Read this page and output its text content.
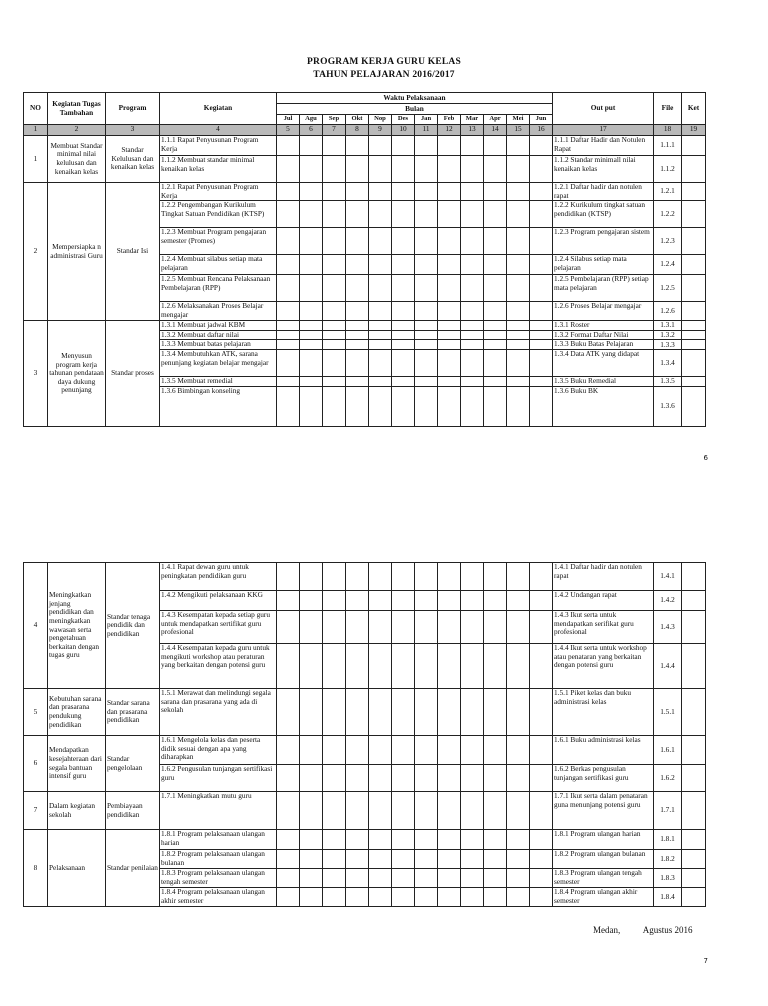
PROGRAM KERJA GURU KELAS
TAHUN PELAJARAN 2016/2017
NO	Kegiatan Tugas Tambahan	Program	Kegiatan	Waktu Pelaksanaan												Out put	File	Ket
				Bulan														
				Jul	Agu	Sep	Okt	Nop	Des	Jan	Feb	Mar	Apr	Mei	Jun			
1	2	3	4	5	6	7	8	9	10	11	12	13	14	15	16	17	18	19
1	Membuat Standar minimal nilai kelulusan dan kenaikan kelas	Standar Kelulusan dan kenaikan kelas	1.1.1 Rapat Penyusunan Program Kerja													1.1.1 Daftar Hadir dan Notulen Rapat	1.1.1	
			1.1.2 Membuat standar minimal kenaikan kelas													1.1.2 Standar minimall nilai kenaikan kelas	1.1.2	
2	Mempersiapka n administrasi Guru	Standar Isi	1.2.1 Rapat Penyusunan Program Kerja													1.2.1 Daftar hadir dan notulen rapat	1.2.1	
			1.2.2 Pengembangan Kurikulum Tingkat Satuan Pendidikan (KTSP)													1.2.2 Kurikulum tingkat satuan pendidikan (KTSP)	1.2.2	
			1.2.3 Membuat Program pengajaran semester (Promes)													1.2.3 Program pengajaran sistem	1.2.3	
			1.2.4 Membuat silabus setiap mata pelajaran													1.2.4 Silabus setiap mata pelajaran	1.2.4	
			1.2.5 Membuat Rencana Pelaksanaan Pembelajaran (RPP)													1.2.5 Pembelajaran (RPP) setiap mata pelajaran	1.2.5	
			1.2.6 Melaksanakan Proses Belajar mengajar													1.2.6 Proses Belajar mengajar	1.2.6	
3	Menyusun program kerja tahunan pendataan daya dukung penunjang	Standar proses	1.3.1 Membuat jadwal KBM													1.3.1 Roster	1.3.1	
			1.3.2 Membuat daftar nilai													1.3.2 Format Daftar Nilai	1.3.2	
			1.3.3 Membuat batas pelajaran													1.3.3 Buku Batas Pelajaran	1.3.3	
			1.3.4 Membutuhkan ATK, sarana penunjang kegiatan belajar mengajar													1.3.4 Data ATK yang didapat	1.3.4	
			1.3.5 Membuat remedial													1.3.5 Buku Remedial	1.3.5	
			1.3.6 Bimbingan konseling													1.3.6 Buku BK	1.3.6	
6
4	Meningkatkan jenjang pendidikan dan meningkatkan wawasan serta pengetahuan berkaitan dengan tugas guru	Standar tenaga pendidik dan pendidikan	1.4.1 Rapat dewan guru untuk peningkatan pendidikan guru													1.4.1 Daftar hadir dan notulen rapat	1.4.1	
			1.4.2 Mengikuti pelaksanaan KKG													1.4.2 Undangan rapat	1.4.2	
			1.4.3 Kesempatan kepada setiap guru untuk mendapatkan sertifikat guru profesional													1.4.3 Ikut serta untuk mendapatkan serifikat guru profesional	1.4.3	
			1.4.4 Kesempatan kepada guru untuk mengikuti workshop atau peraturan yang berkaitan dengan potensi guru													1.4.4 Ikut serta untuk workshop atau penataran yang berkaitan dengan potensi guru	1.4.4	
5	Kebutuhan sarana dan prasarana pendukung pendidikan	Standar sarana dan prasarana pendidikan	1.5.1 Merawat dan melindungi segala sarana dan prasarana yang ada di sekolah													1.5.1 Piket kelas dan buku administrasi kelas	1.5.1	
6	Mendapatkan kesejahteraan dari segala bantuan intensif guru	Standar pengelolaan	1.6.1 Mengelola kelas dan peserta didik sesuai dengan apa yang diharapkan													1.6.1 Buku administrasi kelas	1.6.1	
			1.6.2 Pengusulan tunjangan sertifikasi guru													1.6.2 Berkas pengusulan tunjangan sertifikasi guru	1.6.2	
7	Dalam kegiatan sekolah	Pembiayaan pendidikan	1.7.1 Meningkatkan mutu guru													1.7.1 Ikut serta dalam penataran guna menunjang potensi guru	1.7.1	
8	Pelaksanaan	Standar penilaian	1.8.1 Program pelaksanaan ulangan harian													1.8.1 Program ulangan harian	1.8.1	
			1.8.2 Program pelaksanaan ulangan bulanan													1.8.2 Program ulangan bulanan	1.8.2	
			1.8.3 Program pelaksanaan ulangan tengah semester													1.8.3 Program ulangan tengah semester	1.8.3	
			1.8.4 Program pelaksanaan ulangan akhir semester													1.8.4 Program ulangan akhir semester	1.8.4	
Medan,	Agustus 2016
7
